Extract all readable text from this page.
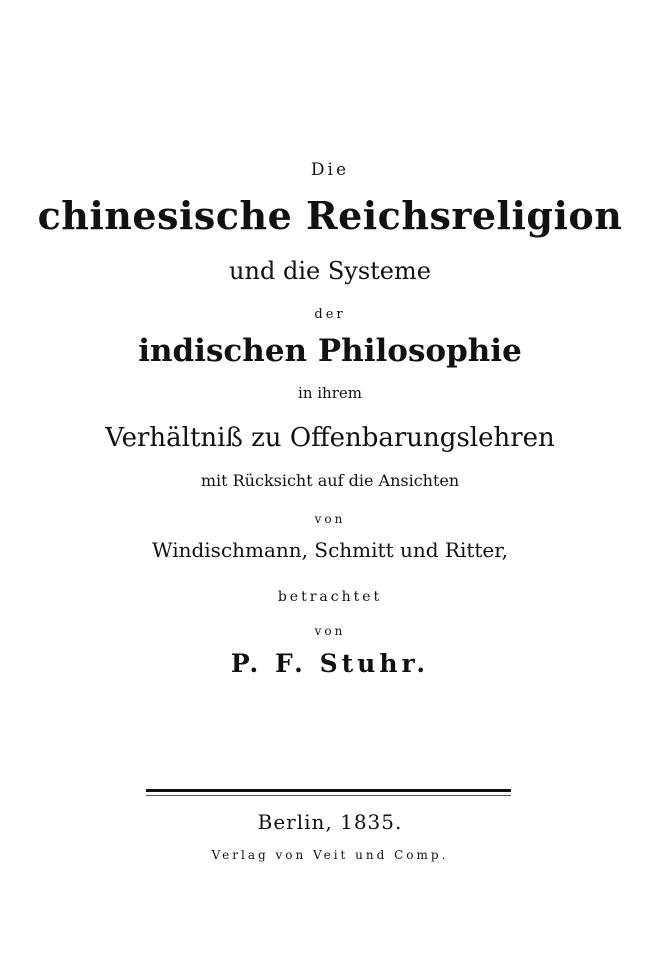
Die
chinesische Reichsreligion
und die Systeme
der
indischen Philosophie
in ihrem
Verhältniß zu Offenbarungslehren
mit Rücksicht auf die Ansichten
von
Windischmann, Schmitt und Ritter,
betrachtet
von
P. F. Stuhr.
Berlin, 1835.
Verlag von Veit und Comp.
